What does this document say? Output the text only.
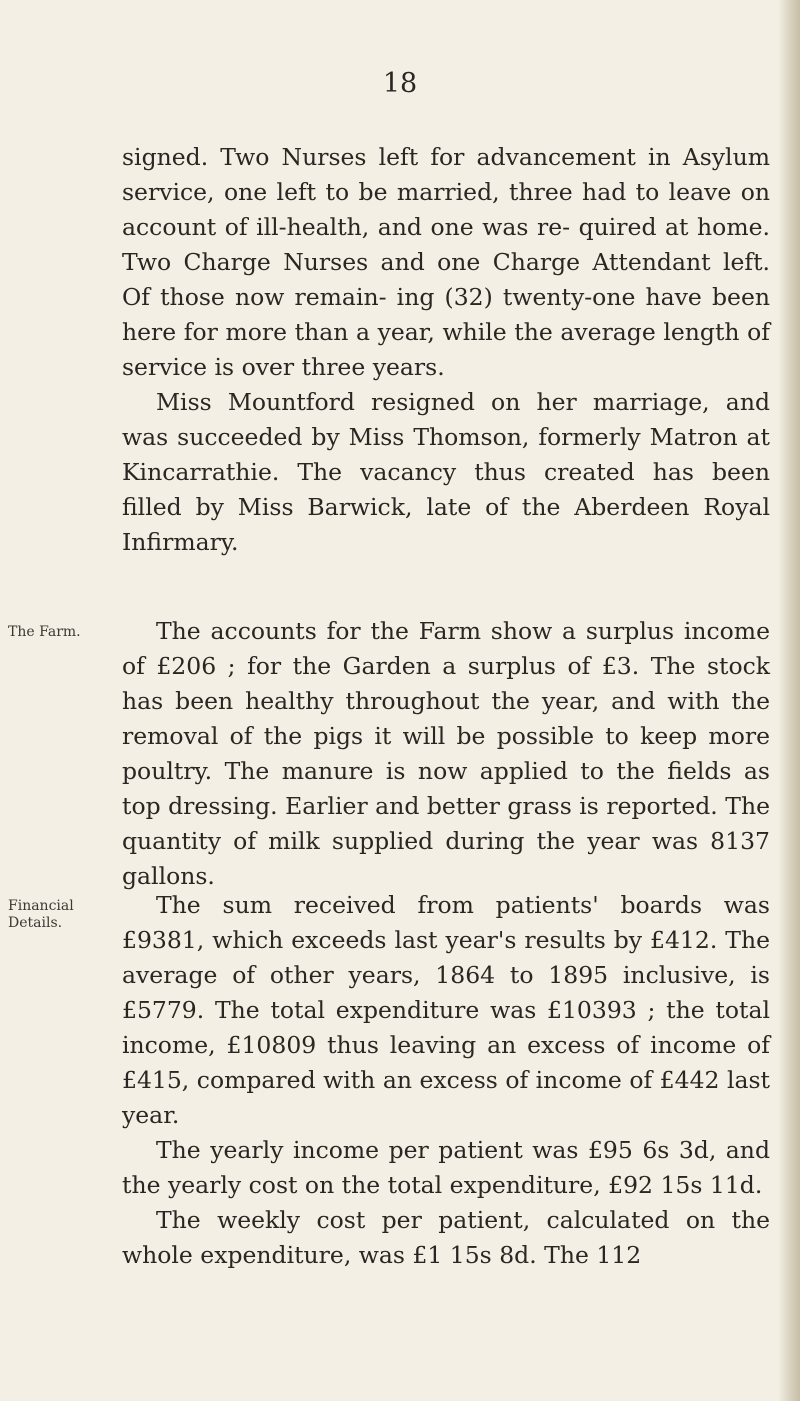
18

signed. Two Nurses left for advancement in Asylum service, one left to be married, three had to leave on account of ill-health, and one was re- quired at home. Two Charge Nurses and one Charge Attendant left. Of those now remain- ing (32) twenty-one have been here for more than a year, while the average length of service is over three years.

Miss Mountford resigned on her marriage, and was succeeded by Miss Thomson, formerly Matron at Kincarrathie. The vacancy thus created has been filled by Miss Barwick, late of the Aberdeen Royal Infirmary.

The Farm.	The accounts for the Farm show a surplus income of £206 ; for the Garden a surplus of £3. The stock has been healthy throughout the year, and with the removal of the pigs it will be possible to keep more poultry. The manure is now applied to the fields as top dressing. Earlier and better grass is reported. The quantity of milk supplied during the year was 8137 gallons.

Financial Details.

The sum received from patients' boards was £9381, which exceeds last year's results by £412. The average of other years, 1864 to 1895 inclusive, is £5779. The total expenditure was £10393 ; the total income, £10809 thus leaving an excess of income of £415, compared with an excess of income of £442 last year.

The yearly income per patient was £95 6s 3d, and the yearly cost on the total expenditure, £92 15s 11d.

The weekly cost per patient, calculated on the whole expenditure, was £1 15s 8d. The 112
